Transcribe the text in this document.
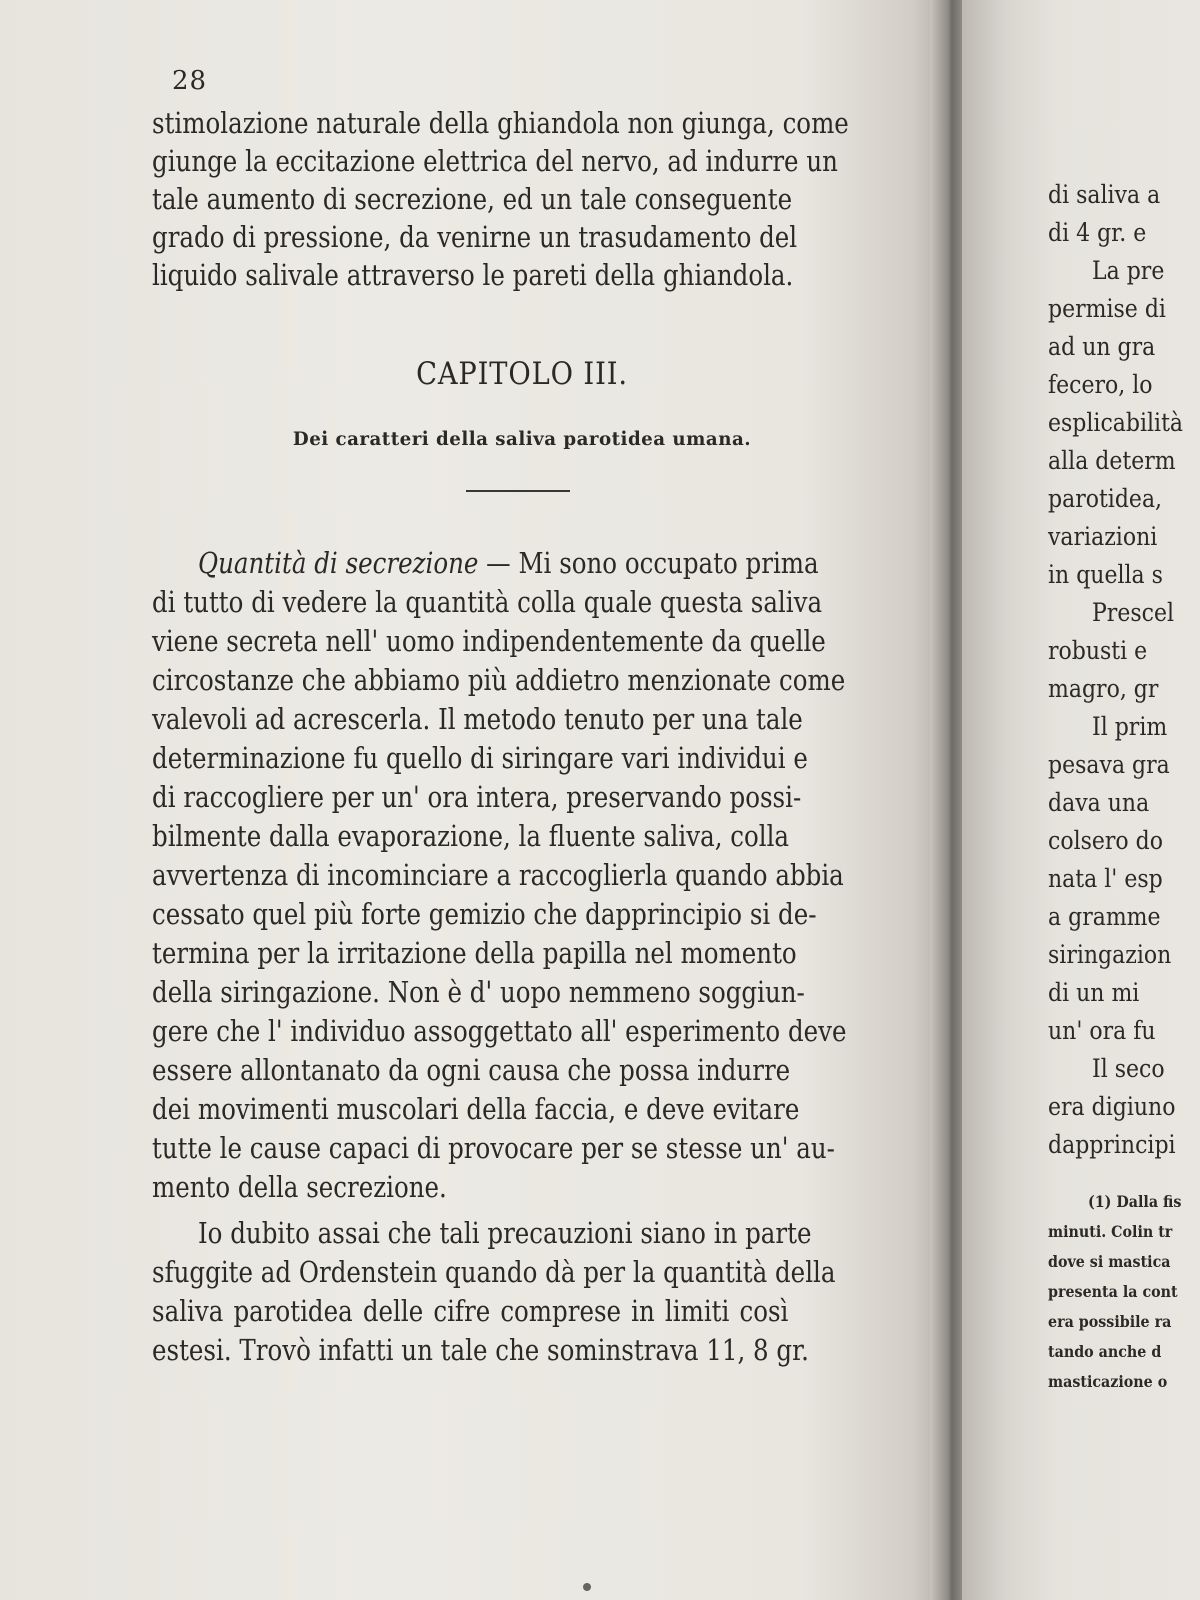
28
stimolazione naturale della ghiandola non giunga, come
giunge la eccitazione elettrica del nervo, ad indurre un
tale aumento di secrezione, ed un tale conseguente
grado di pressione, da venirne un trasudamento del
liquido salivale attraverso le pareti della ghiandola.
CAPITOLO III.
Dei caratteri della saliva parotidea umana.
Quantità di secrezione — Mi sono occupato prima
di tutto di vedere la quantità colla quale questa saliva
viene secreta nell' uomo indipendentemente da quelle
circostanze che abbiamo più addietro menzionate come
valevoli ad acrescerla. Il metodo tenuto per una tale
determinazione fu quello di siringare vari individui e
di raccogliere per un' ora intera, preservando possi-
bilmente dalla evaporazione, la fluente saliva, colla
avvertenza di incominciare a raccoglierla quando abbia
cessato quel più forte gemizio che dapprincipio si de-
termina per la irritazione della papilla nel momento
della siringazione. Non è d' uopo nemmeno soggiun-
gere che l' individuo assoggettato all' esperimento deve
essere allontanato da ogni causa che possa indurre
dei movimenti muscolari della faccia, e deve evitare
tutte le cause capaci di provocare per se stesse un' au-
mento della secrezione.
Io dubito assai che tali precauzioni siano in parte
sfuggite ad Ordenstein quando dà per la quantità della
saliva parotidea delle cifre comprese in limiti così
estesi. Trovò infatti un tale che sominstrava 11, 8 gr.
di saliva a
di 4 gr. e
La pre
permise di
ad un gra
fecero, lo
esplicabilità
alla determ
parotidea,
variazioni
in quella s
Prescel
robusti e
magro, gr
Il prim
pesava gra
dava una
colsero do
nata l' esp
a gramme
siringazion
di un mi
un' ora fu
Il seco
era digiuno
dapprincipi
(1) Dalla fis
minuti. Colin tr
dove si mastica
presenta la cont
era possibile ra
tando anche d
masticazione o
